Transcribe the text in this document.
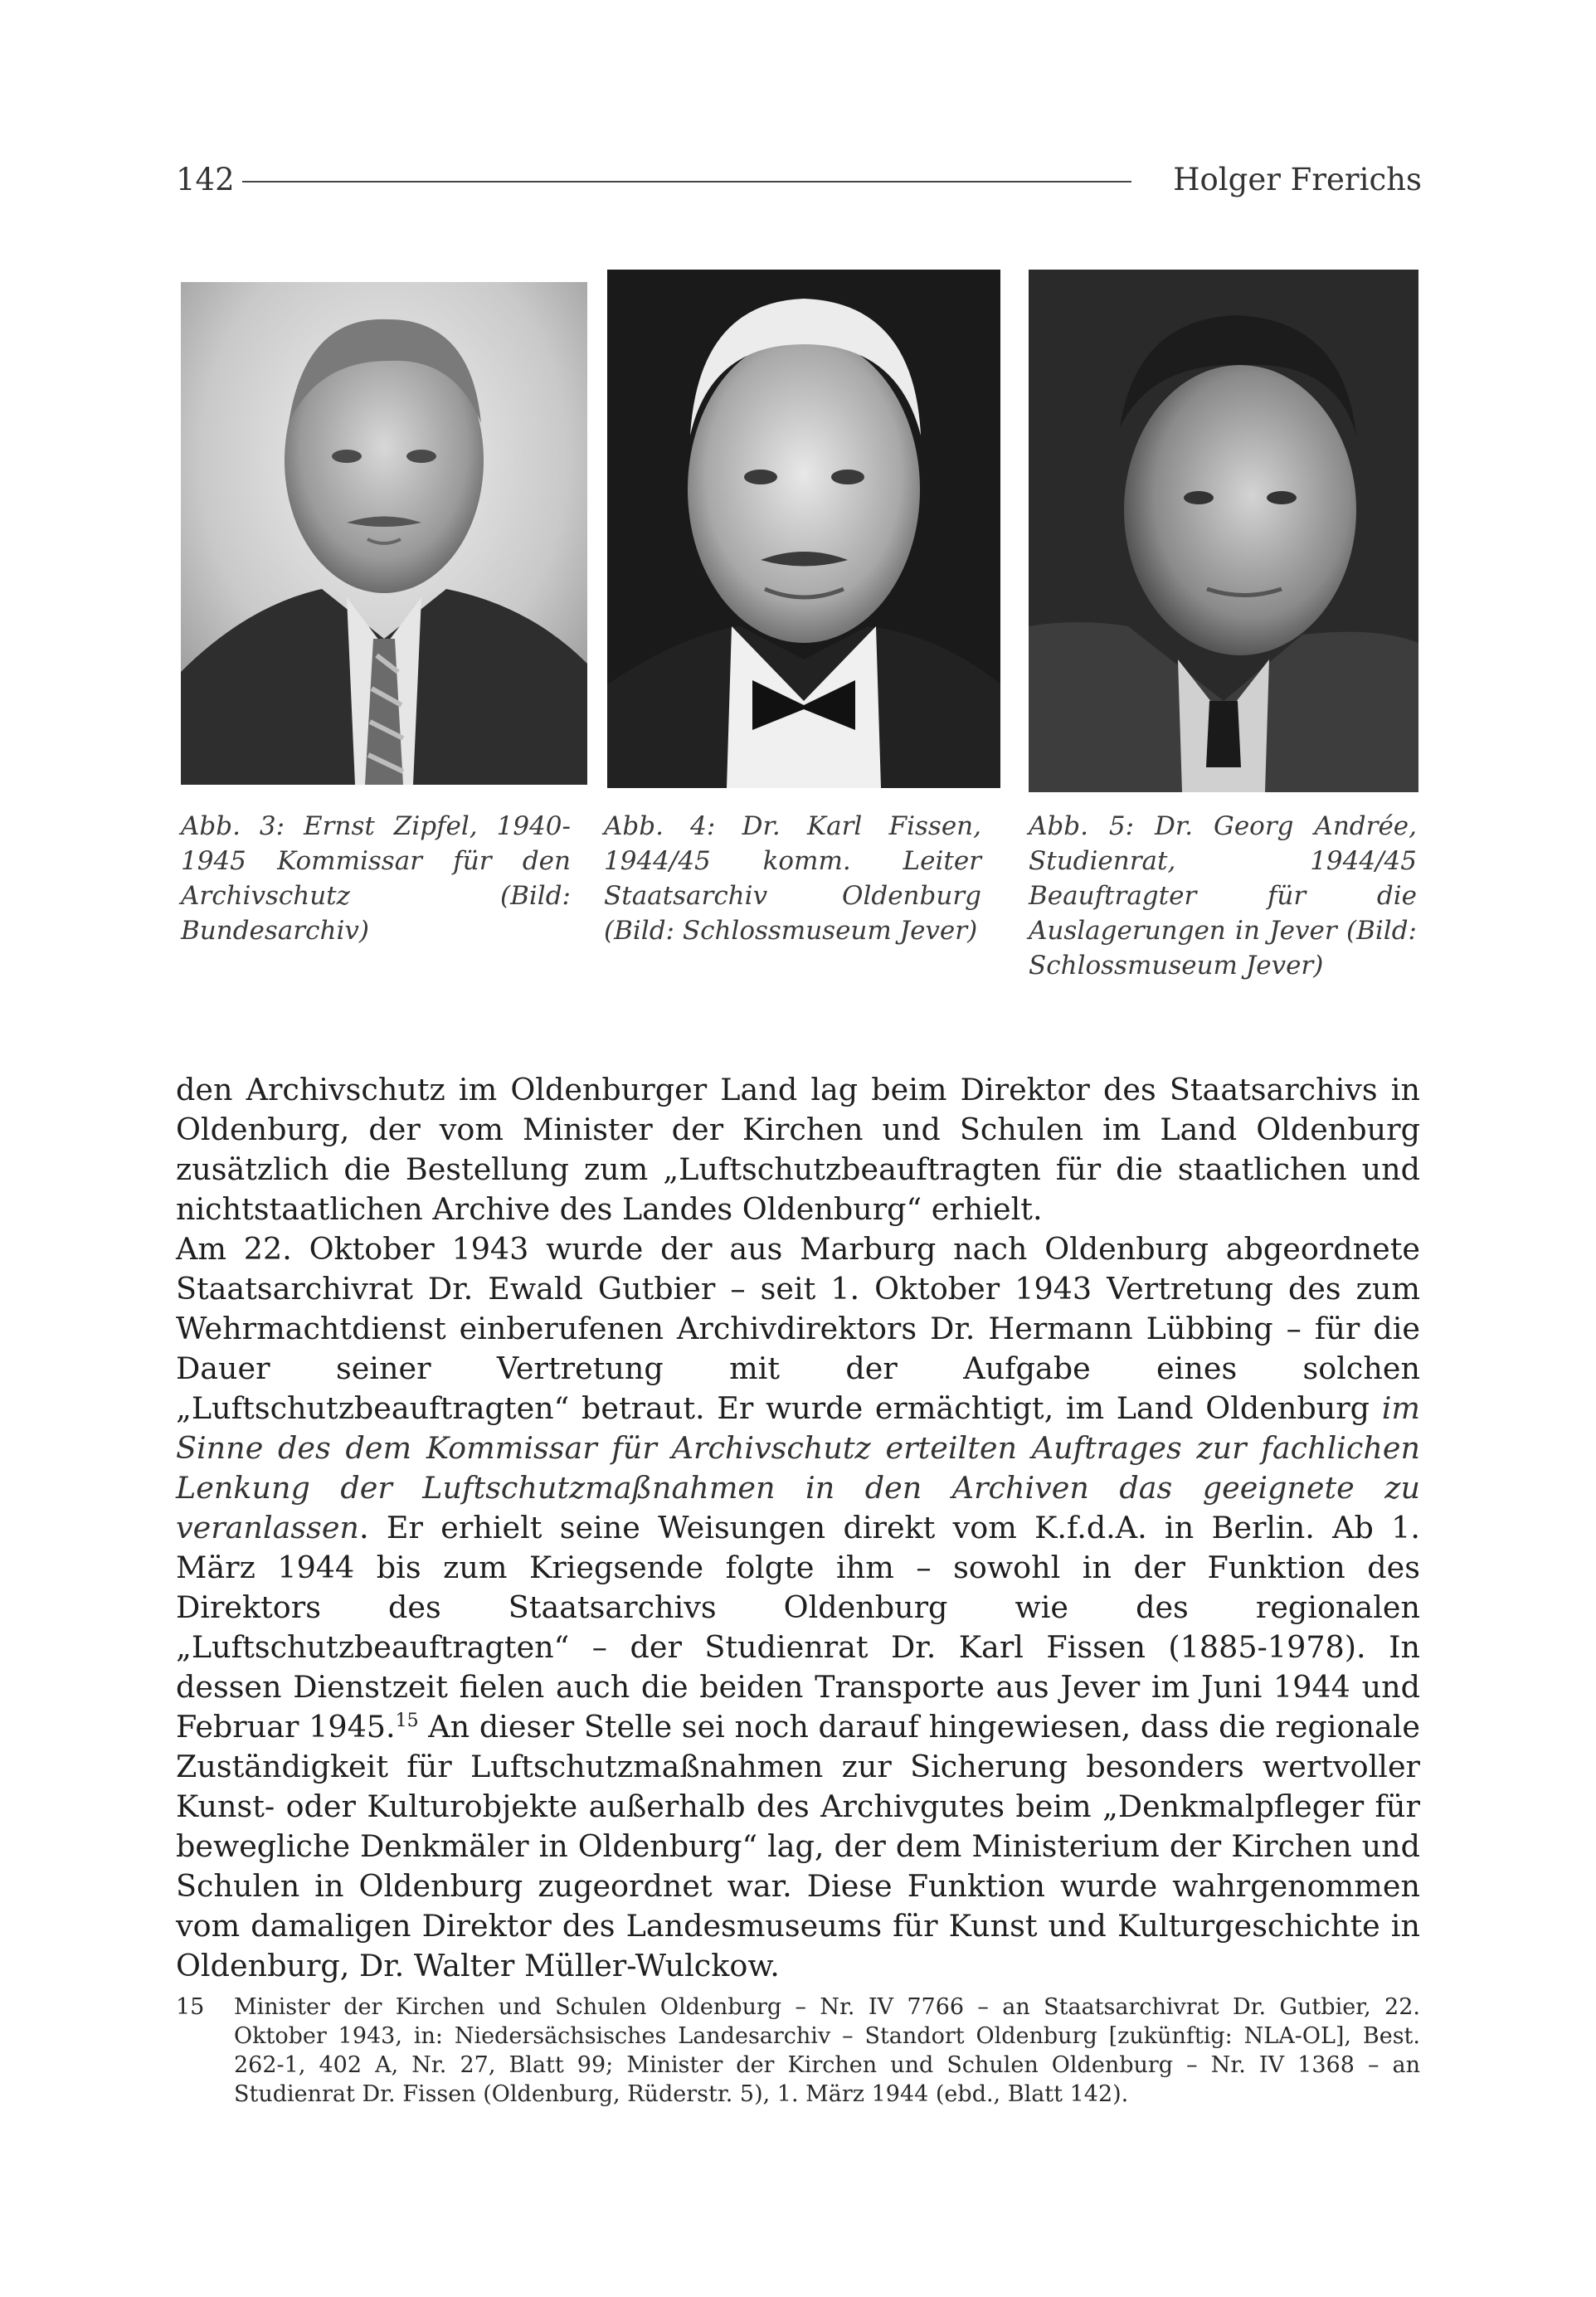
142	Holger Frerichs
Abb. 3: Ernst Zipfel, 1940-1945 Kommissar für den Archivschutz (Bild: Bundesarchiv)
Abb. 4: Dr. Karl Fissen, 1944/45 komm. Leiter Staatsarchiv Oldenburg (Bild: Schlossmuseum Jever)
Abb. 5: Dr. Georg Andrée, Studienrat, 1944/45 Beauftragter für die Auslagerungen in Jever (Bild: Schlossmuseum Jever)

den Archivschutz im Oldenburger Land lag beim Direktor des Staatsarchivs in Oldenburg, der vom Minister der Kirchen und Schulen im Land Oldenburg zusätzlich die Bestellung zum „Luftschutzbeauftragten für die staatlichen und nichtstaatlichen Archive des Landes Oldenburg“ erhielt.

Am 22. Oktober 1943 wurde der aus Marburg nach Oldenburg abgeordnete Staatsarchivrat Dr. Ewald Gutbier – seit 1. Oktober 1943 Vertretung des zum Wehrmachtdienst einberufenen Archivdirektors Dr. Hermann Lübbing – für die Dauer seiner Vertretung mit der Aufgabe eines solchen „Luftschutzbeauftragten“ betraut. Er wurde ermächtigt, im Land Oldenburg im Sinne des dem Kommissar für Archivschutz erteilten Auftrages zur fachlichen Lenkung der Luftschutzmaßnahmen in den Archiven das geeignete zu veranlassen. Er erhielt seine Weisungen direkt vom K.f.d.A. in Berlin. Ab 1. März 1944 bis zum Kriegsende folgte ihm – sowohl in der Funktion des Direktors des Staatsarchivs Oldenburg wie des regionalen „Luftschutzbeauftragten“ – der Studienrat Dr. Karl Fissen (1885-1978). In dessen Dienstzeit fielen auch die beiden Transporte aus Jever im Juni 1944 und Februar 1945.15 An dieser Stelle sei noch darauf hingewiesen, dass die regionale Zuständigkeit für Luftschutzmaßnahmen zur Sicherung besonders wertvoller Kunst- oder Kulturobjekte außerhalb des Archivgutes beim „Denkmalpfleger für bewegliche Denkmäler in Oldenburg“ lag, der dem Ministerium der Kirchen und Schulen in Oldenburg zugeordnet war. Diese Funktion wurde wahrgenommen vom damaligen Direktor des Landesmuseums für Kunst und Kulturgeschichte in Oldenburg, Dr. Walter Müller-Wulckow.

15 Minister der Kirchen und Schulen Oldenburg – Nr. IV 7766 – an Staatsarchivrat Dr. Gutbier, 22. Oktober 1943, in: Niedersächsisches Landesarchiv – Standort Oldenburg [zukünftig: NLA-OL], Best. 262-1, 402 A, Nr. 27, Blatt 99; Minister der Kirchen und Schulen Oldenburg – Nr. IV 1368 – an Studienrat Dr. Fissen (Oldenburg, Rüderstr. 5), 1. März 1944 (ebd., Blatt 142).
